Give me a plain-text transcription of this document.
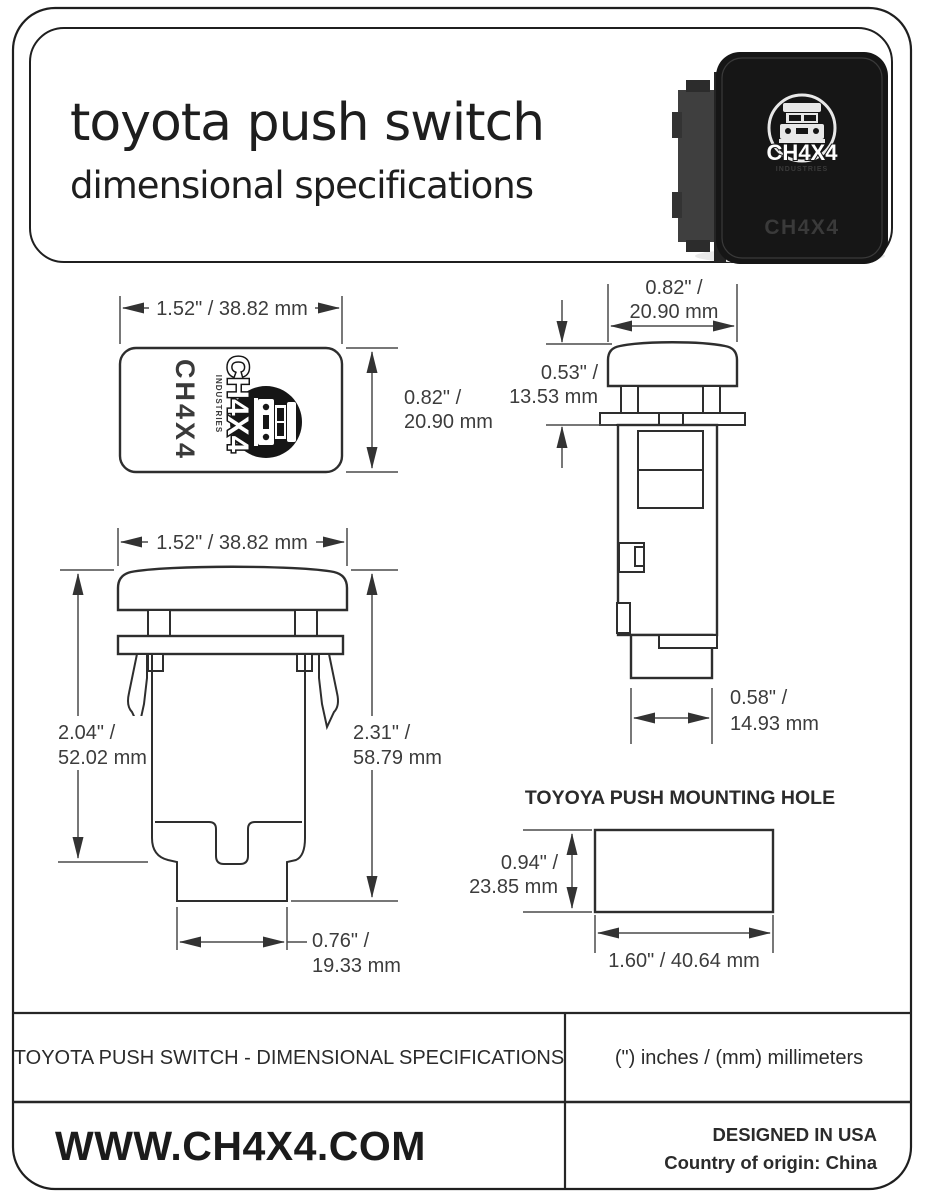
toyota push switch
dimensional specifications
CH4X4
INDUSTRIES
CH4X4
1.52" / 38.82 mm
CH4X4 CH4X4
INDUSTRIES	0.82" /
20.90 mm
0.82" /
20.90 mm
0.53" /
13.53 mm
0.58" /
14.93 mm
1.52" / 38.82 mm
2.04" /
52.02 mm
2.31" /
58.79 mm
0.76" /
19.33 mm
TOYOYA PUSH MOUNTING HOLE
0.94" /
23.85 mm
1.60" / 40.64 mm
TOYOTA PUSH SWITCH - DIMENSIONAL SPECIFICATIONS	(") inches / (mm) millimeters
WWW.CH4X4.COM	DESIGNED IN USA
Country of origin: China
